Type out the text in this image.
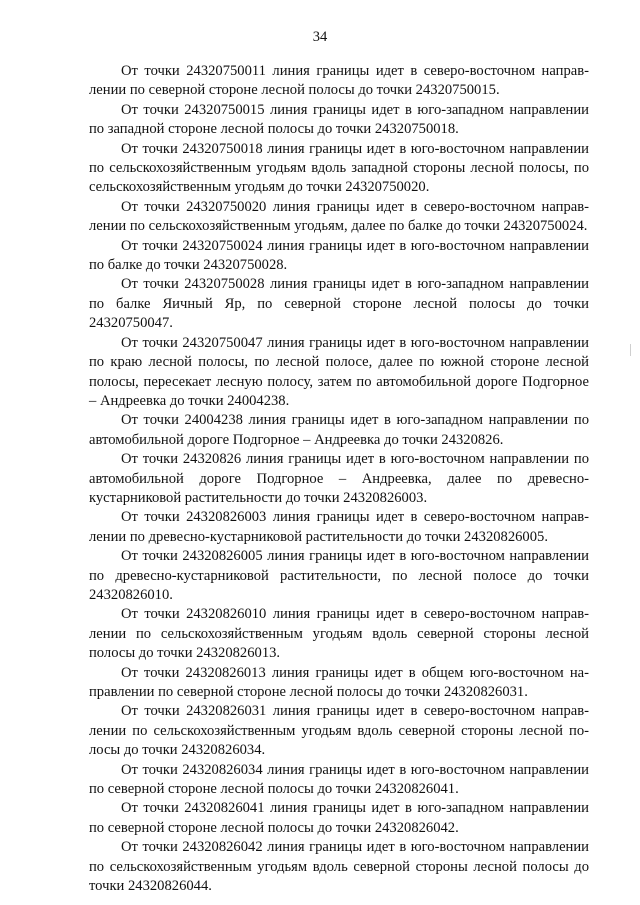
34

От точки 24320750011 линия границы идет в северо-восточном направлении по северной стороне лесной полосы до точки 24320750015.

От точки 24320750015 линия границы идет в юго-западном направлении по западной стороне лесной полосы до точки 24320750018.

От точки 24320750018 линия границы идет в юго-восточном направлении по сельскохозяйственным угодьям вдоль западной стороны лесной полосы, по сельскохозяйственным угодьям до точки 24320750020.

От точки 24320750020 линия границы идет в северо-восточном направлении по сельскохозяйственным угодьям, далее по балке до точки 24320750024.

От точки 24320750024 линия границы идет в юго-восточном направлении по балке до точки 24320750028.

От точки 24320750028 линия границы идет в юго-западном направлении по балке Яичный Яр, по северной стороне лесной полосы до точки 24320750047.

От точки 24320750047 линия границы идет в юго-восточном направлении по краю лесной полосы, по лесной полосе, далее по южной стороне лесной полосы, пересекает лесную полосу, затем по автомобильной дороге Подгорное – Андреевка до точки 24004238.

От точки 24004238 линия границы идет в юго-западном направлении по автомобильной дороге Подгорное – Андреевка до точки 24320826.

От точки 24320826 линия границы идет в юго-восточном направлении по автомобильной дороге Подгорное – Андреевка, далее по древесно-кустарниковой растительности до точки 24320826003.

От точки 24320826003 линия границы идет в северо-восточном направлении по древесно-кустарниковой растительности до точки 24320826005.

От точки 24320826005 линия границы идет в юго-восточном направлении по древесно-кустарниковой растительности, по лесной полосе до точки 24320826010.

От точки 24320826010 линия границы идет в северо-восточном направлении по сельскохозяйственным угодьям вдоль северной стороны лесной полосы до точки 24320826013.

От точки 24320826013 линия границы идет в общем юго-восточном направлении по северной стороне лесной полосы до точки 24320826031.

От точки 24320826031 линия границы идет в северо-восточном направлении по сельскохозяйственным угодьям вдоль северной стороны лесной полосы до точки 24320826034.

От точки 24320826034 линия границы идет в юго-восточном направлении по северной стороне лесной полосы до точки 24320826041.

От точки 24320826041 линия границы идет в юго-западном направлении по северной стороне лесной полосы до точки 24320826042.

От точки 24320826042 линия границы идет в юго-восточном направлении по сельскохозяйственным угодьям вдоль северной стороны лесной полосы до точки 24320826044.
